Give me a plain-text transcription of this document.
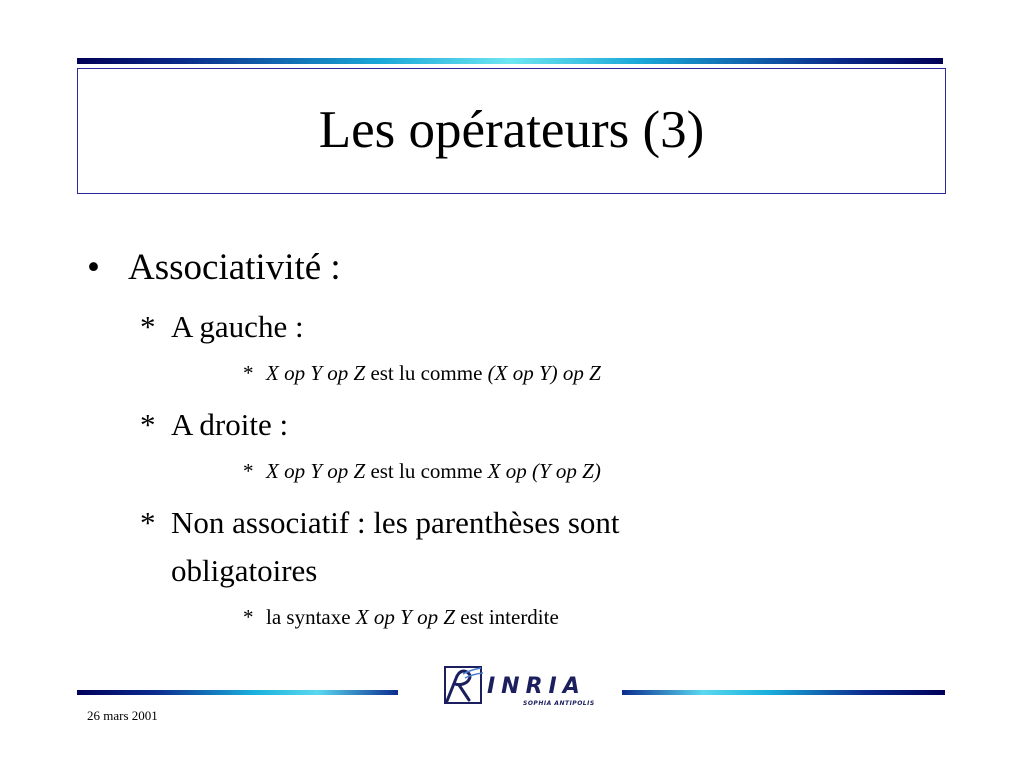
Les opérateurs (3)
• Associativité :
* A gauche :
* X op Y op Z est lu comme (X op Y) op Z
* A droite :
* X op Y op Z est lu comme X op (Y op Z)
* Non associatif : les parenthèses sont
obligatoires
* la syntaxe X op Y op Z est interdite
INRIA
SOPHIA ANTIPOLIS
26 mars 2001
